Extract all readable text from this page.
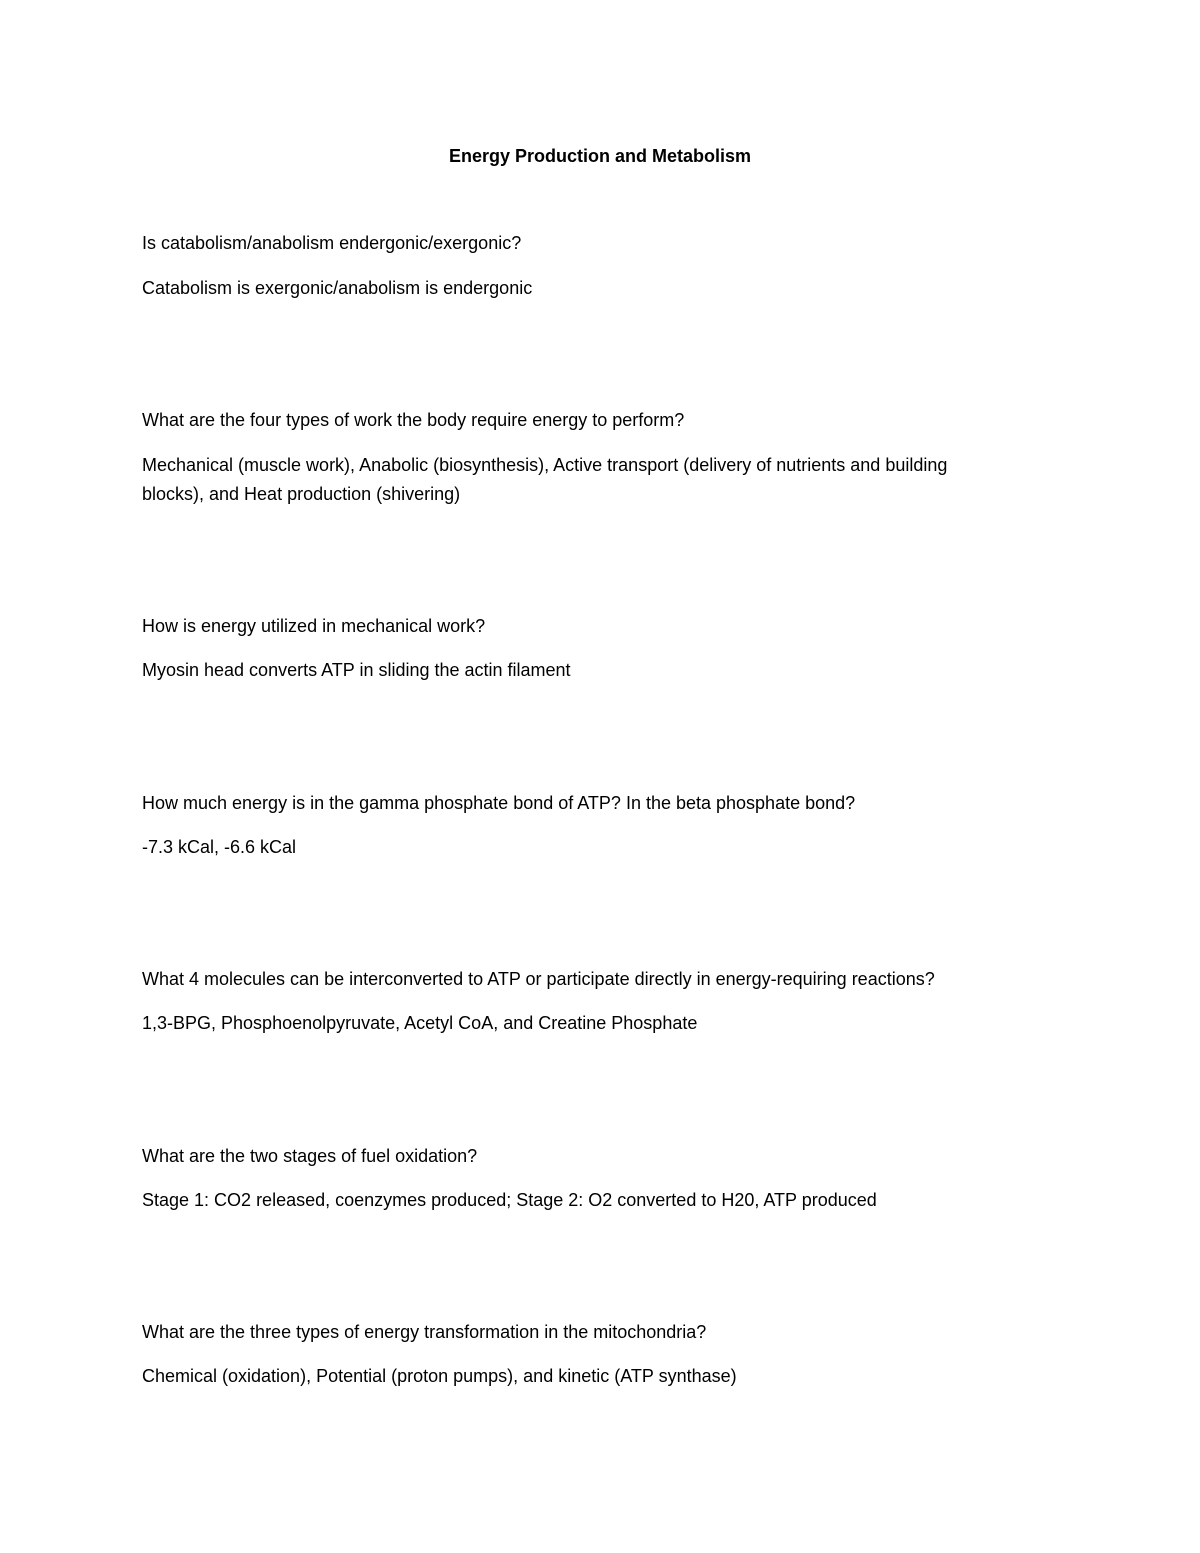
Energy Production and Metabolism

Is catabolism/anabolism endergonic/exergonic?

Catabolism is exergonic/anabolism is endergonic

What are the four types of work the body require energy to perform?

Mechanical (muscle work), Anabolic (biosynthesis), Active transport (delivery of nutrients and building

blocks), and Heat production (shivering)

How is energy utilized in mechanical work?

Myosin head converts ATP in sliding the actin filament

How much energy is in the gamma phosphate bond of ATP? In the beta phosphate bond?

-7.3 kCal, -6.6 kCal

What 4 molecules can be interconverted to ATP or participate directly in energy-requiring reactions?

1,3-BPG, Phosphoenolpyruvate, Acetyl CoA, and Creatine Phosphate

What are the two stages of fuel oxidation?

Stage 1: CO2 released, coenzymes produced; Stage 2: O2 converted to H20, ATP produced

What are the three types of energy transformation in the mitochondria?

Chemical (oxidation), Potential (proton pumps), and kinetic (ATP synthase)
